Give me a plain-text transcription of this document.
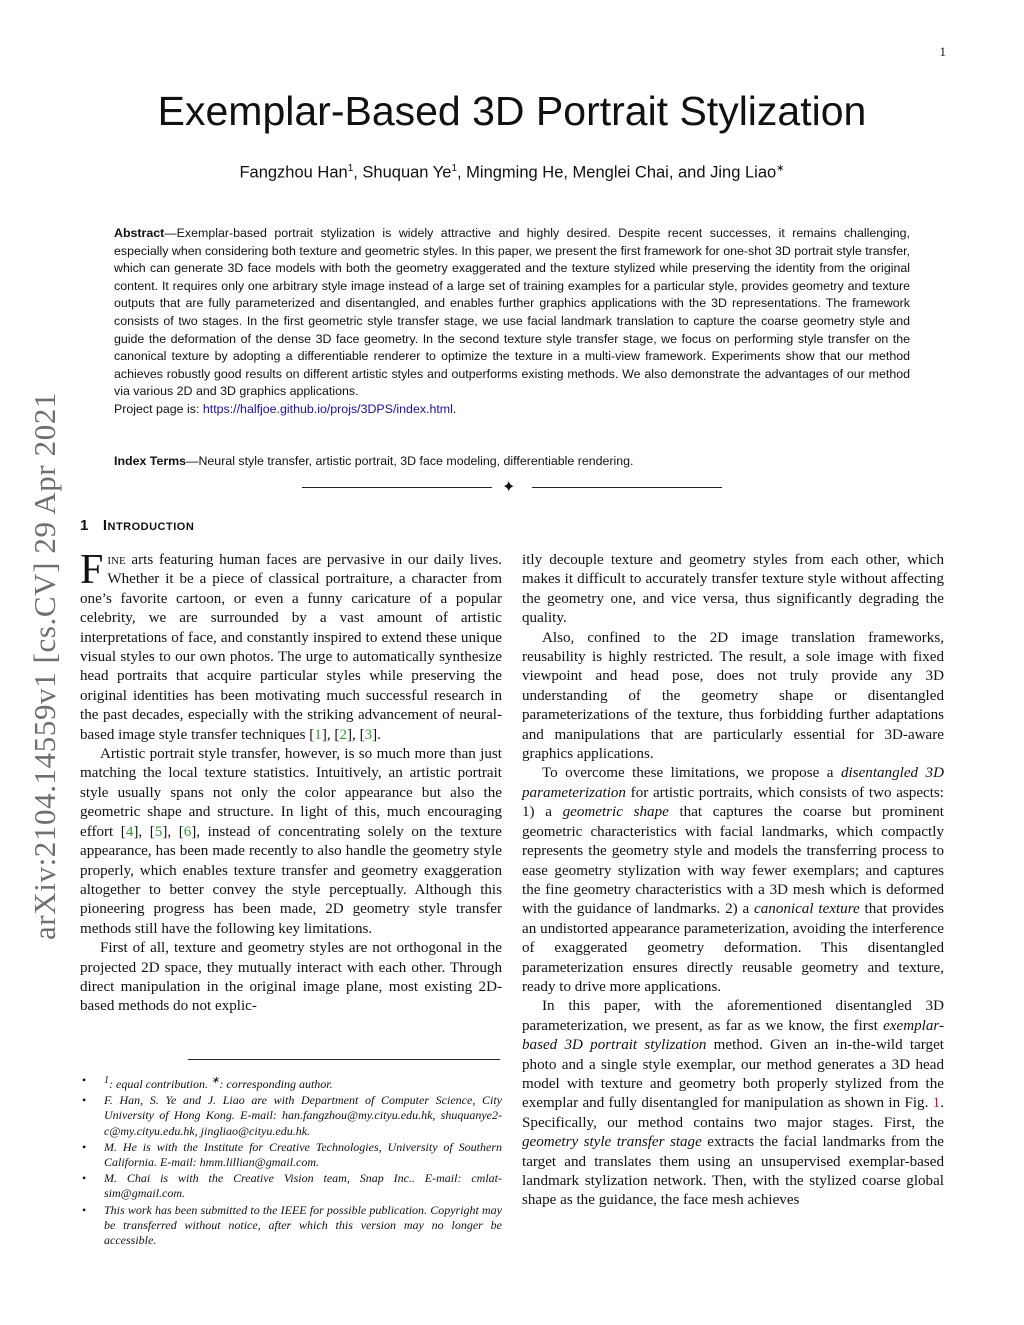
1
arXiv:2104.14559v1 [cs.CV] 29 Apr 2021
Exemplar-Based 3D Portrait Stylization
Fangzhou Han$^1$, Shuquan Ye$^1$, Mingming He, Menglei Chai, and Jing Liao∗
Abstract—Exemplar-based portrait stylization is widely attractive and highly desired. Despite recent successes, it remains challenging, especially when considering both texture and geometric styles. In this paper, we present the first framework for one-shot 3D portrait style transfer, which can generate 3D face models with both the geometry exaggerated and the texture stylized while preserving the identity from the original content. It requires only one arbitrary style image instead of a large set of training examples for a particular style, provides geometry and texture outputs that are fully parameterized and disentangled, and enables further graphics applications with the 3D representations. The framework consists of two stages. In the first geometric style transfer stage, we use facial landmark translation to capture the coarse geometry style and guide the deformation of the dense 3D face geometry. In the second texture style transfer stage, we focus on performing style transfer on the canonical texture by adopting a differentiable renderer to optimize the texture in a multi-view framework. Experiments show that our method achieves robustly good results on different artistic styles and outperforms existing methods. We also demonstrate the advantages of our method via various 2D and 3D graphics applications.
Project page is: https://halfjoe.github.io/projs/3DPS/index.html.
Index Terms—Neural style transfer, artistic portrait, 3D face modeling, differentiable rendering.
✦
1 Introduction

Fine arts featuring human faces are pervasive in our daily lives. Whether it be a piece of classical portraiture, a character from one’s favorite cartoon, or even a funny caricature of a popular celebrity, we are surrounded by a vast amount of artistic interpretations of face, and constantly inspired to extend these unique visual styles to our own photos. The urge to automatically synthesize head portraits that acquire particular styles while preserving the original identities has been motivating much successful research in the past decades, especially with the striking advancement of neural-based image style transfer techniques [1], [2], [3].

Artistic portrait style transfer, however, is so much more than just matching the local texture statistics. Intuitively, an artistic portrait style usually spans not only the color appearance but also the geometric shape and structure. In light of this, much encouraging effort [4], [5], [6], instead of concentrating solely on the texture appearance, has been made recently to also handle the geometry style properly, which enables texture transfer and geometry exaggeration altogether to better convey the style perceptually. Although this pioneering progress has been made, 2D geometry style transfer methods still have the following key limitations.

First of all, texture and geometry styles are not orthogonal in the projected 2D space, they mutually interact with each other. Through direct manipulation in the original image plane, most existing 2D-based methods do not explic-

• $^1$: equal contribution. ∗: corresponding author.
• F. Han, S. Ye and J. Liao are with Department of Computer Science, City University of Hong Kong. E-mail: han.fangzhou@my.cityu.edu.hk, shuquanye2-c@my.cityu.edu.hk, jingliao@cityu.edu.hk.
• M. He is with the Institute for Creative Technologies, University of Southern California. E-mail: hmm.lillian@gmail.com.
• M. Chai is with the Creative Vision team, Snap Inc.. E-mail: cmlat-sim@gmail.com.
• This work has been submitted to the IEEE for possible publication. Copyright may be transferred without notice, after which this version may no longer be accessible.

itly decouple texture and geometry styles from each other, which makes it difficult to accurately transfer texture style without affecting the geometry one, and vice versa, thus significantly degrading the quality.

Also, confined to the 2D image translation frameworks, reusability is highly restricted. The result, a sole image with fixed viewpoint and head pose, does not truly provide any 3D understanding of the geometry shape or disentangled parameterizations of the texture, thus forbidding further adaptations and manipulations that are particularly essential for 3D-aware graphics applications.

To overcome these limitations, we propose a disentangled 3D parameterization for artistic portraits, which consists of two aspects: 1) a geometric shape that captures the coarse but prominent geometric characteristics with facial landmarks, which compactly represents the geometry style and models the transferring process to ease geometry stylization with way fewer exemplars; and captures the fine geometry characteristics with a 3D mesh which is deformed with the guidance of landmarks. 2) a canonical texture that provides an undistorted appearance parameterization, avoiding the interference of exaggerated geometry deformation. This disentangled parameterization ensures directly reusable geometry and texture, ready to drive more applications.

In this paper, with the aforementioned disentangled 3D parameterization, we present, as far as we know, the first exemplar-based 3D portrait stylization method. Given an in-the-wild target photo and a single style exemplar, our method generates a 3D head model with texture and geometry both properly stylized from the exemplar and fully disentangled for manipulation as shown in Fig. 1. Specifically, our method contains two major stages. First, the geometry style transfer stage extracts the facial landmarks from the target and translates them using an unsupervised exemplar-based landmark stylization network. Then, with the stylized coarse global shape as the guidance, the face mesh achieves
